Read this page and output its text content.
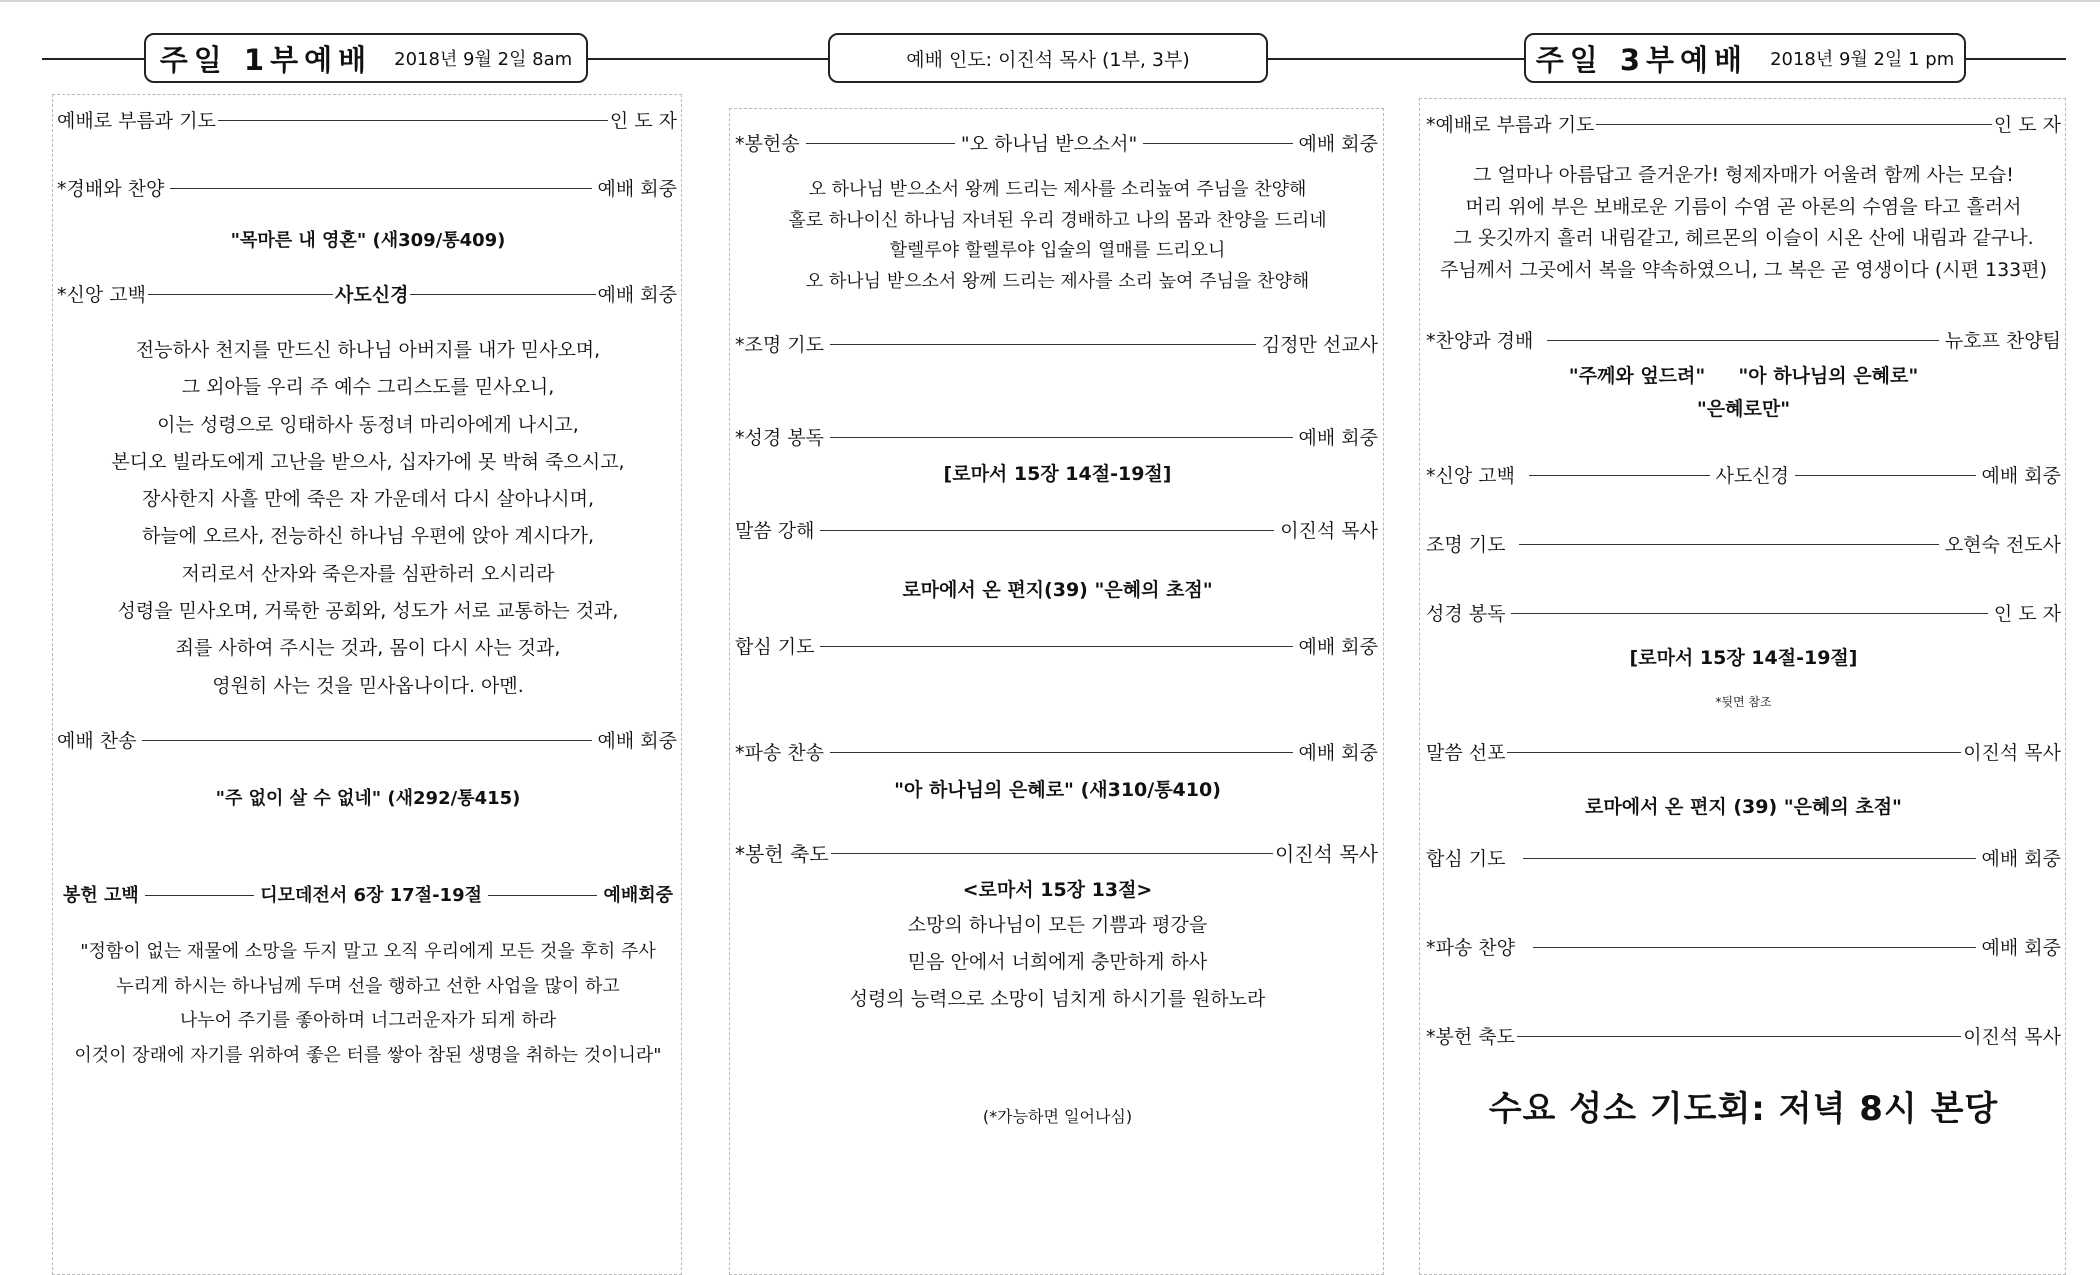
주일 1부예배 2018년 9월 2일 8am	예배 인도: 이진석 목사 (1부, 3부)	주일 3부예배 2018년 9월 2일 1 pm
예배로 부름과 기도	인 도 자
*경배와 찬양	예배 회중
"목마른 내 영혼" (새309/통409)
*신앙 고백	사도신경	예배 회중
전능하사 천지를 만드신 하나님 아버지를 내가 믿사오며,
그 외아들 우리 주 예수 그리스도를 믿사오니,
이는 성령으로 잉태하사 동정녀 마리아에게 나시고,
본디오 빌라도에게 고난을 받으사, 십자가에 못 박혀 죽으시고,
장사한지 사흘 만에 죽은 자 가운데서 다시 살아나시며,
하늘에 오르사, 전능하신 하나님 우편에 앉아 계시다가,
저리로서 산자와 죽은자를 심판하러 오시리라
성령을 믿사오며, 거룩한 공회와, 성도가 서로 교통하는 것과,
죄를 사하여 주시는 것과, 몸이 다시 사는 것과,
영원히 사는 것을 믿사옵나이다. 아멘.
예배 찬송	예배 회중
"주 없이 살 수 없네" (새292/통415)
봉헌 고백	디모데전서 6장 17절-19절	예배회중
"정함이 없는 재물에 소망을 두지 말고 오직 우리에게 모든 것을 후히 주사
누리게 하시는 하나님께 두며 선을 행하고 선한 사업을 많이 하고
나누어 주기를 좋아하며 너그러운자가 되게 하라
이것이 장래에 자기를 위하여 좋은 터를 쌓아 참된 생명을 취하는 것이니라"
*봉헌송	"오 하나님 받으소서"	예배 회중
오 하나님 받으소서 왕께 드리는 제사를 소리높여 주님을 찬양해
홀로 하나이신 하나님 자녀된 우리 경배하고 나의 몸과 찬양을 드리네
할렐루야 할렐루야 입술의 열매를 드리오니
오 하나님 받으소서 왕께 드리는 제사를 소리 높여 주님을 찬양해
*조명 기도	김정만 선교사
*성경 봉독	예배 회중
[로마서 15장 14절-19절]
말씀 강해	이진석 목사
로마에서 온 편지(39) "은혜의 초점"
합심 기도	예배 회중
*파송 찬송	예배 회중
"아 하나님의 은혜로" (새310/통410)
*봉헌 축도	이진석 목사
<로마서 15장 13절>
소망의 하나님이 모든 기쁨과 평강을
믿음 안에서 너희에게 충만하게 하사
성령의 능력으로 소망이 넘치게 하시기를 원하노라
(*가능하면 일어나심)
*예배로 부름과 기도	인 도 자
그 얼마나 아름답고 즐거운가! 형제자매가 어울려 함께 사는 모습!
머리 위에 부은 보배로운 기름이 수염 곧 아론의 수염을 타고 흘러서
그 옷깃까지 흘러 내림같고, 헤르몬의 이슬이 시온 산에 내림과 같구나.
주님께서 그곳에서 복을 약속하였으니, 그 복은 곧 영생이다 (시편 133편)
*찬양과 경배	뉴호프 찬양팀
"주께와 엎드려"     "아 하나님의 은혜로"
"은혜로만"
*신앙 고백	사도신경	예배 회중
조명 기도	오현숙 전도사
성경 봉독	인 도 자
[로마서 15장 14절-19절]
*뒷면 참조
말씀 선포	이진석 목사
로마에서 온 편지 (39) "은혜의 초점"
합심 기도	예배 회중
*파송 찬양	예배 회중
*봉헌 축도	이진석 목사
수요 성소 기도회: 저녁 8시 본당
